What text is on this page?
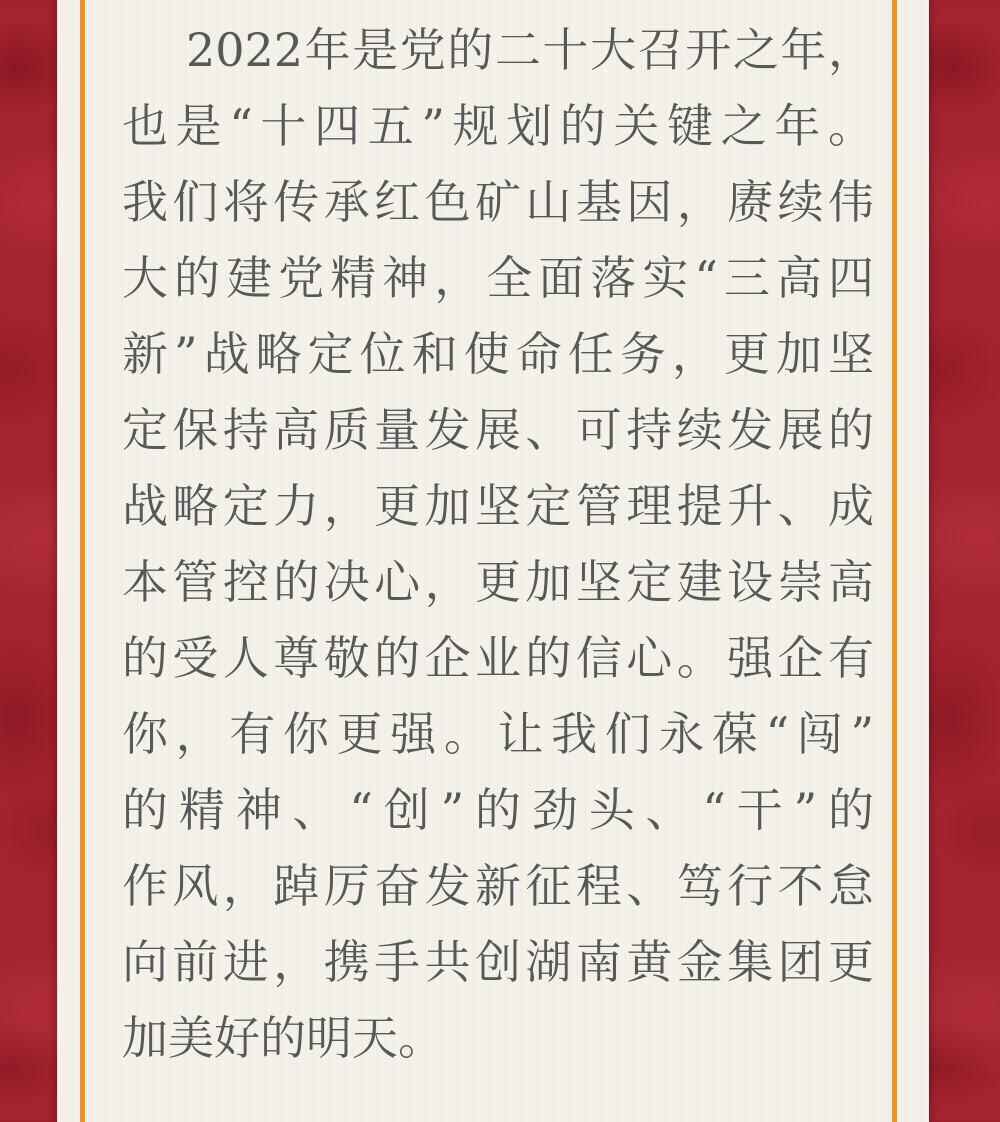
2022年是党的二十大召开之年，
也是“十四五”规划的关键之年。
我们将传承红色矿山基因，赓续伟
大的建党精神，全面落实“三高四
新”战略定位和使命任务，更加坚
定保持高质量发展、可持续发展的
战略定力，更加坚定管理提升、成
本管控的决心，更加坚定建设崇高
的受人尊敬的企业的信心。强企有
你，有你更强。让我们永葆“闯”
的精神、“创”的劲头、“干”的
作风，踔厉奋发新征程、笃行不怠
向前进，携手共创湖南黄金集团更
加美好的明天。
